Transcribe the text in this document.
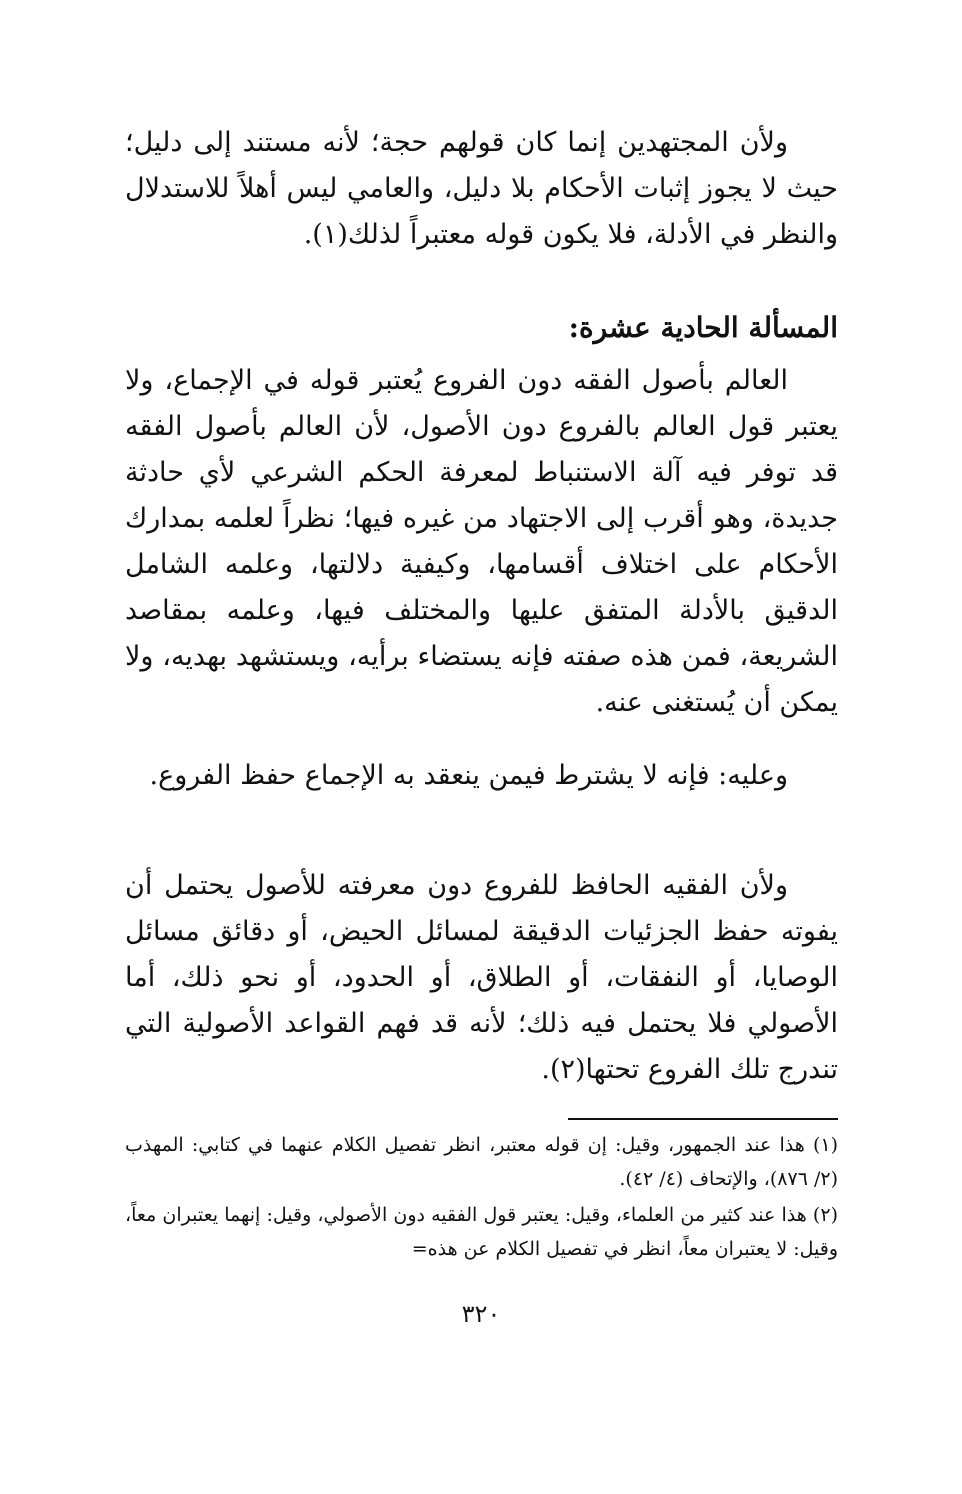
ولأن المجتهدين إنما كان قولهم حجة؛ لأنه مستند إلى دليل؛ حيث لا يجوز إثبات الأحكام بلا دليل، والعامي ليس أهلاً للاستدلال والنظر في الأدلة، فلا يكون قوله معتبراً لذلك(١).

المسألة الحادية عشرة:

العالم بأصول الفقه دون الفروع يُعتبر قوله في الإجماع، ولا يعتبر قول العالم بالفروع دون الأصول، لأن العالم بأصول الفقه قد توفر فيه آلة الاستنباط لمعرفة الحكم الشرعي لأي حادثة جديدة، وهو أقرب إلى الاجتهاد من غيره فيها؛ نظراً لعلمه بمدارك الأحكام على اختلاف أقسامها، وكيفية دلالتها، وعلمه الشامل الدقيق بالأدلة المتفق عليها والمختلف فيها، وعلمه بمقاصد الشريعة، فمن هذه صفته فإنه يستضاء برأيه، ويستشهد بهديه، ولا يمكن أن يُستغنى عنه.

وعليه: فإنه لا يشترط فيمن ينعقد به الإجماع حفظ الفروع.

ولأن الفقيه الحافظ للفروع دون معرفته للأصول يحتمل أن يفوته حفظ الجزئيات الدقيقة لمسائل الحيض، أو دقائق مسائل الوصايا، أو النفقات، أو الطلاق، أو الحدود، أو نحو ذلك، أما الأصولي فلا يحتمل فيه ذلك؛ لأنه قد فهم القواعد الأصولية التي تندرج تلك الفروع تحتها(٢).

(١) هذا عند الجمهور، وقيل: إن قوله معتبر، انظر تفصيل الكلام عنهما في كتابي: المهذب (٢/ ٨٧٦)، والإتحاف (٤/ ٤٢).

(٢) هذا عند كثير من العلماء، وقيل: يعتبر قول الفقيه دون الأصولي، وقيل: إنهما يعتبران معاً، وقيل: لا يعتبران معاً، انظر في تفصيل الكلام عن هذه=

٣٢٠
